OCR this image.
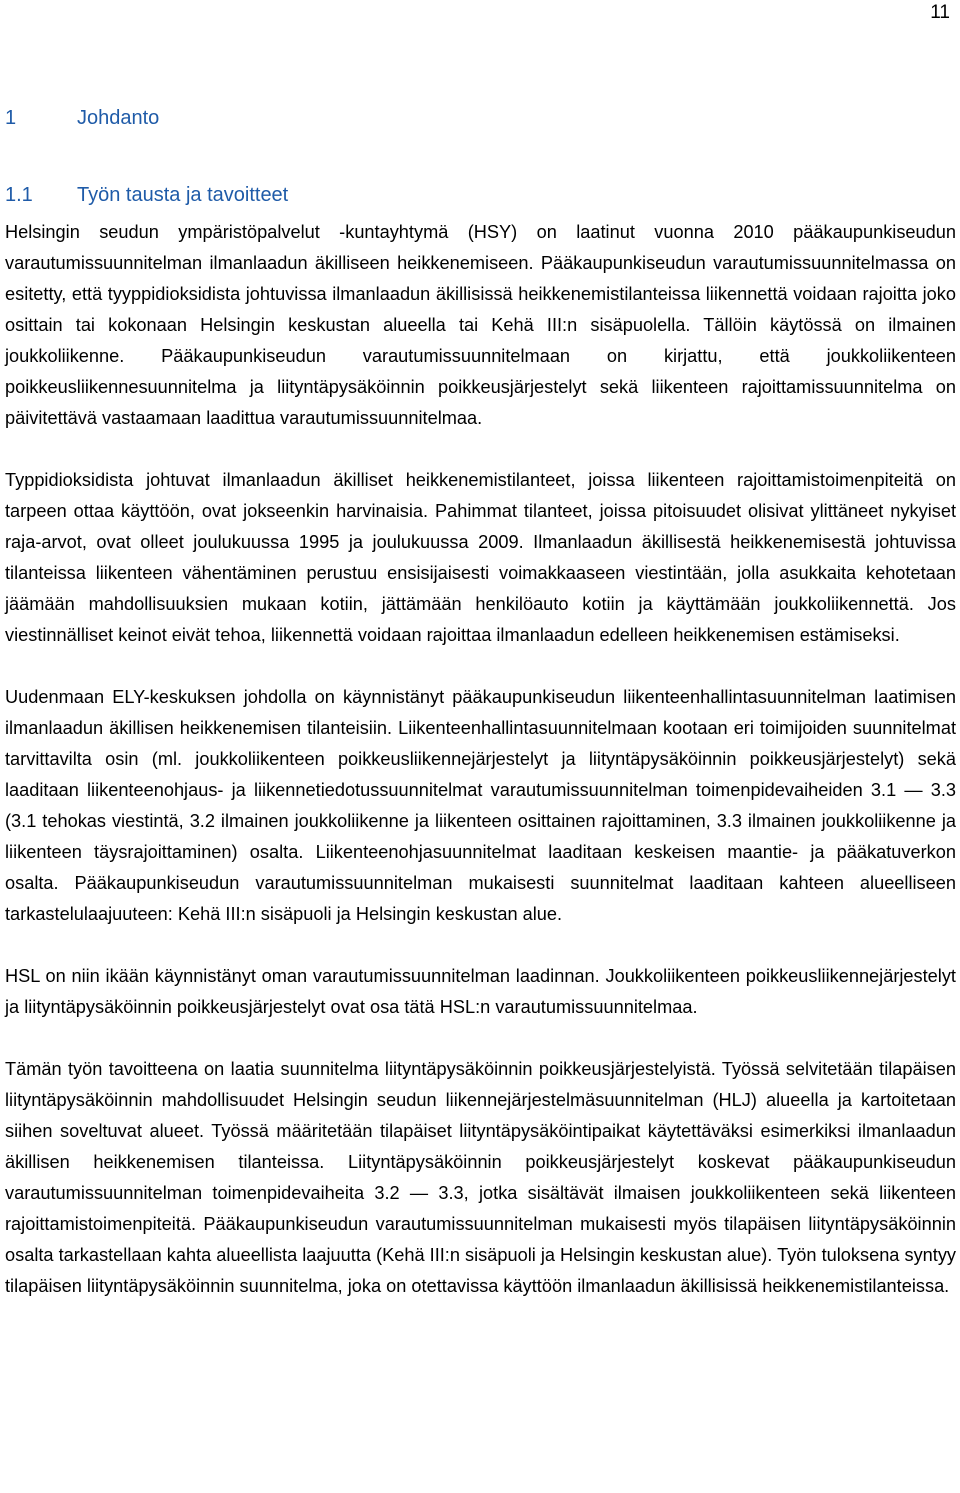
11
1	Johdanto
1.1 Työn tausta ja tavoitteet

Helsingin seudun ympäristöpalvelut -kuntayhtymä (HSY) on laatinut vuonna 2010 pääkaupunkiseudun varautumissuunnitelman ilmanlaadun äkilliseen heikkenemiseen. Pääkaupunkiseudun varautumissuunnitelmassa on esitetty, että tyyppidioksidista johtuvissa ilmanlaadun äkillisissä heikkenemistilanteissa liikennettä voidaan rajoitta joko osittain tai kokonaan Helsingin keskustan alueella tai Kehä III:n sisäpuolella. Tällöin käytössä on ilmainen joukkoliikenne. Pääkaupunkiseudun varautumissuunnitelmaan on kirjattu, että joukkoliikenteen poikkeusliikennesuunnitelma ja liityntäpysäköinnin poikkeusjärjestelyt sekä liikenteen rajoittamissuunnitelma on päivitettävä vastaamaan laadittua varautumissuunnitelmaa.

Typpidioksidista johtuvat ilmanlaadun äkilliset heikkenemistilanteet, joissa liikenteen rajoittamistoimenpiteitä on tarpeen ottaa käyttöön, ovat jokseenkin harvinaisia. Pahimmat tilanteet, joissa pitoisuudet olisivat ylittäneet nykyiset raja-arvot, ovat olleet joulukuussa 1995 ja joulukuussa 2009. Ilmanlaadun äkillisestä heikkenemisestä johtuvissa tilanteissa liikenteen vähentäminen perustuu ensisijaisesti voimakkaaseen viestintään, jolla asukkaita kehotetaan jäämään mahdollisuuksien mukaan kotiin, jättämään henkilöauto kotiin ja käyttämään joukkoliikennettä. Jos viestinnälliset keinot eivät tehoa, liikennettä voidaan rajoittaa ilmanlaadun edelleen heikkenemisen estämiseksi.

Uudenmaan ELY-keskuksen johdolla on käynnistänyt pääkaupunkiseudun liikenteenhallintasuunnitelman laatimisen ilmanlaadun äkillisen heikkenemisen tilanteisiin. Liikenteenhallintasuunnitelmaan kootaan eri toimijoiden suunnitelmat tarvittavilta osin (ml. joukkoliikenteen poikkeusliikennejärjestelyt ja liityntäpysäköinnin poikkeusjärjestelyt) sekä laaditaan liikenteenohjaus- ja liikennetiedotussuunnitelmat varautumissuunnitelman toimenpidevaiheiden 3.1 — 3.3 (3.1 tehokas viestintä, 3.2 ilmainen joukkoliikenne ja liikenteen osittainen rajoittaminen, 3.3 ilmainen joukkoliikenne ja liikenteen täysrajoittaminen) osalta. Liikenteenohjasuunnitelmat laaditaan keskeisen maantie- ja pääkatuverkon osalta. Pääkaupunkiseudun varautumissuunnitelman mukaisesti suunnitelmat laaditaan kahteen alueelliseen tarkastelulaajuuteen: Kehä III:n sisäpuoli ja Helsingin keskustan alue.

HSL on niin ikään käynnistänyt oman varautumissuunnitelman laadinnan. Joukkoliikenteen poikkeusliikennejärjestelyt ja liityntäpysäköinnin poikkeusjärjestelyt ovat osa tätä HSL:n varautumissuunnitelmaa.

Tämän työn tavoitteena on laatia suunnitelma liityntäpysäköinnin poikkeusjärjestelyistä. Työssä selvitetään tilapäisen liityntäpysäköinnin mahdollisuudet Helsingin seudun liikennejärjestelmäsuunnitelman (HLJ) alueella ja kartoitetaan siihen soveltuvat alueet. Työssä määritetään tilapäiset liityntäpysäköintipaikat käytettäväksi esimerkiksi ilmanlaadun äkillisen heikkenemisen tilanteissa. Liityntäpysäköinnin poikkeusjärjestelyt koskevat pääkaupunkiseudun varautumissuunnitelman toimenpidevaiheita 3.2 — 3.3, jotka sisältävät ilmaisen joukkoliikenteen sekä liikenteen rajoittamistoimenpiteitä. Pääkaupunkiseudun varautumissuunnitelman mukaisesti myös tilapäisen liityntäpysäköinnin osalta tarkastellaan kahta alueellista laajuutta (Kehä III:n sisäpuoli ja Helsingin keskustan alue). Työn tuloksena syntyy tilapäisen liityntäpysäköinnin suunnitelma, joka on otettavissa käyttöön ilmanlaadun äkillisissä heikkenemistilanteissa.
